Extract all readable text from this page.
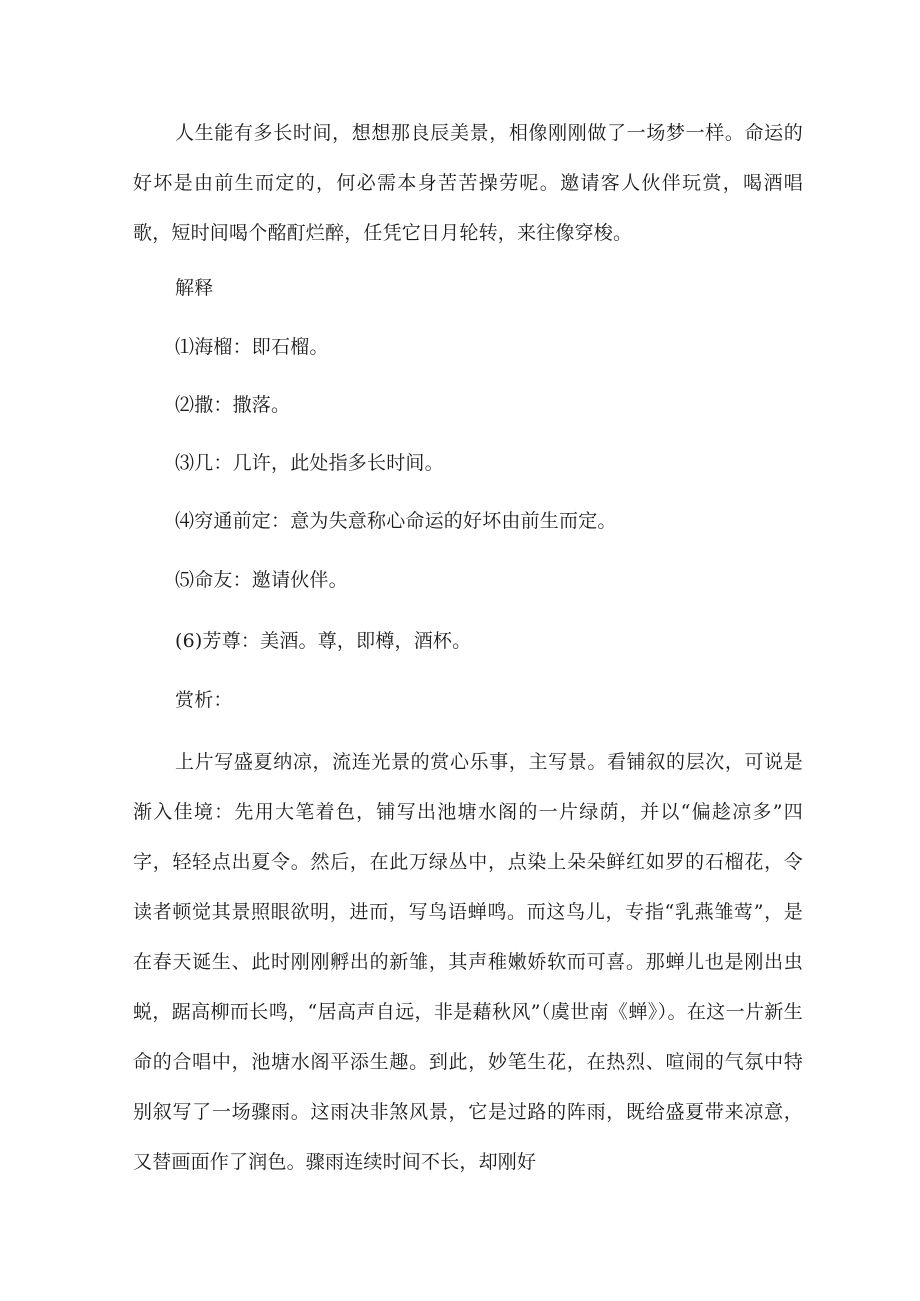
人生能有多长时间，想想那良辰美景，相像刚刚做了一场梦一样。命运的好坏是由前生而定的，何必需本身苦苦操劳呢。邀请客人伙伴玩赏，喝酒唱歌，短时间喝个酩酊烂醉，任凭它日月轮转，来往像穿梭。

解释

⑴海榴：即石榴。

⑵撒：撒落。

⑶几：几许，此处指多长时间。

⑷穷通前定：意为失意称心命运的好坏由前生而定。

⑸命友：邀请伙伴。

(6)芳尊：美酒。尊，即樽，酒杯。

赏析：

上片写盛夏纳凉，流连光景的赏心乐事，主写景。看铺叙的层次，可说是渐入佳境：先用大笔着色，铺写出池塘水阁的一片绿荫，并以“偏趁凉多”四字，轻轻点出夏令。然后，在此万绿丛中，点染上朵朵鲜红如罗的石榴花，令读者顿觉其景照眼欲明，进而，写鸟语蝉鸣。而这鸟儿，专指“乳燕雏莺”，是在春天诞生、此时刚刚孵出的新雏，其声稚嫩娇软而可喜。那蝉儿也是刚出虫蜕，踞高柳而长鸣，“居高声自远，非是藉秋风”（虞世南《蝉》）。在这一片新生命的合唱中，池塘水阁平添生趣。到此，妙笔生花，在热烈、喧闹的气氛中特别叙写了一场骤雨。这雨决非煞风景，它是过路的阵雨，既给盛夏带来凉意，又替画面作了润色。骤雨连续时间不长，却刚好
